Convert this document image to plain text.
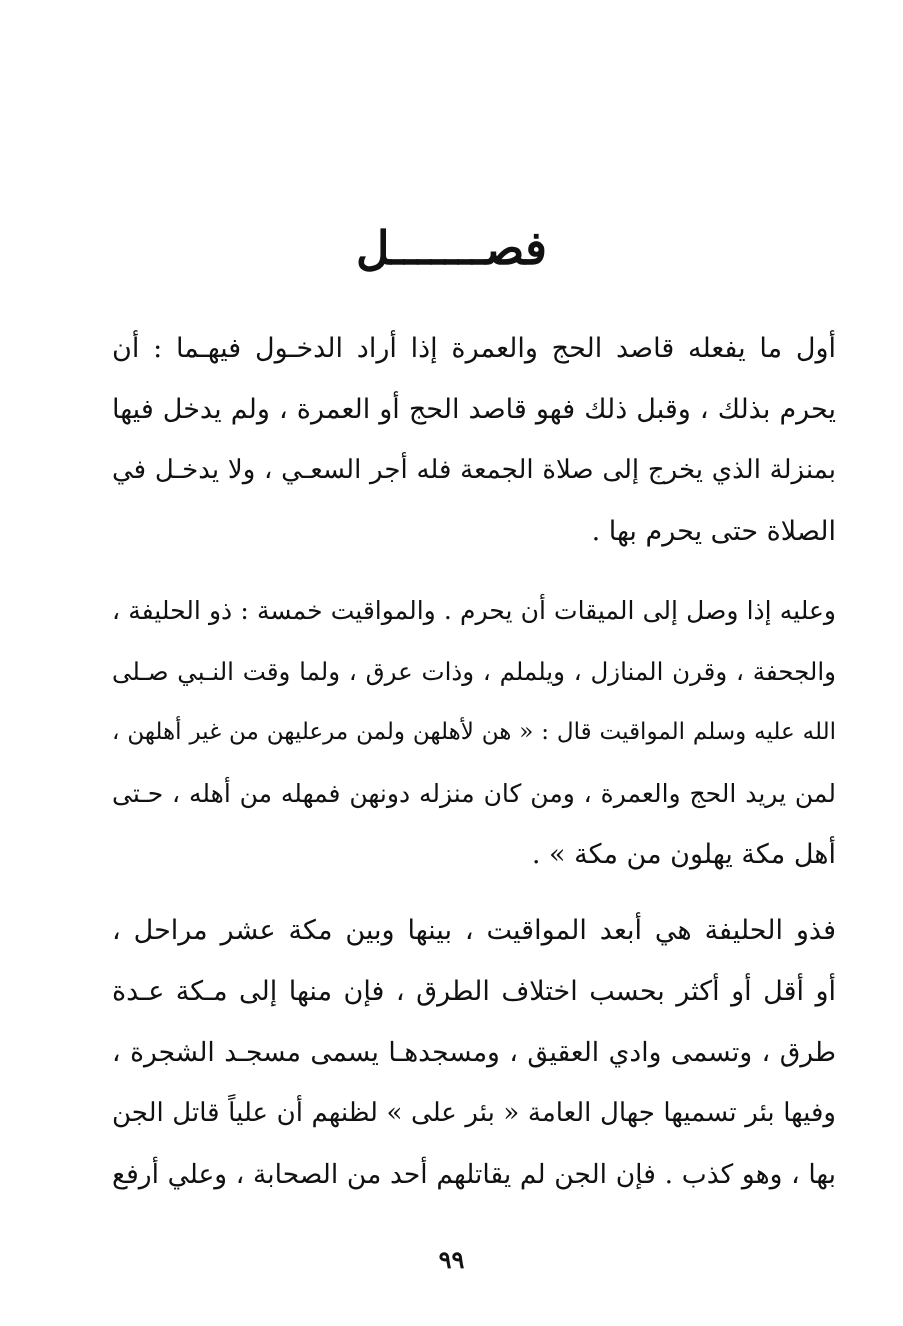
فصـــــــل
أول ما يفعله قاصد الحج والعمرة إذا أراد الدخـول فيهـما : أن
يحرم بذلك ، وقبل ذلك فهو قاصد الحج أو العمرة ، ولم يدخل فيها
بمنزلة الذي يخرج إلى صلاة الجمعة فله أجر السعـي ، ولا يدخـل في
الصلاة حتى يحرم بها .
وعليه إذا وصل إلى الميقات أن يحرم . والمواقيت خمسة : ذو الحليفة ،
والجحفة ، وقرن المنازل ، ويلملم ، وذات عرق ، ولما وقت النـبي صـلى
الله عليه وسلم المواقيت قال : « هن لأهلهن ولمن مرعليهن من غير أهلهن ،
لمن يريد الحج والعمرة ، ومن كان منزله دونهن فمهله من أهله ، حـتى
أهل مكة يهلون من مكة » .
فذو الحليفة هي أبعد المواقيت ، بينها وبين مكة عشر مراحل ،
أو أقل أو أكثر بحسب اختلاف الطرق ، فإن منها إلى مـكة عـدة
طرق ، وتسمى وادي العقيق ، ومسجدهـا يسمى مسجـد الشجرة ،
وفيها بئر تسميها جهال العامة « بئر على » لظنهم أن علياً قاتل الجن
بها ، وهو كذب . فإن الجن لم يقاتلهم أحد من الصحابة ، وعلي أرفع
٩٩
